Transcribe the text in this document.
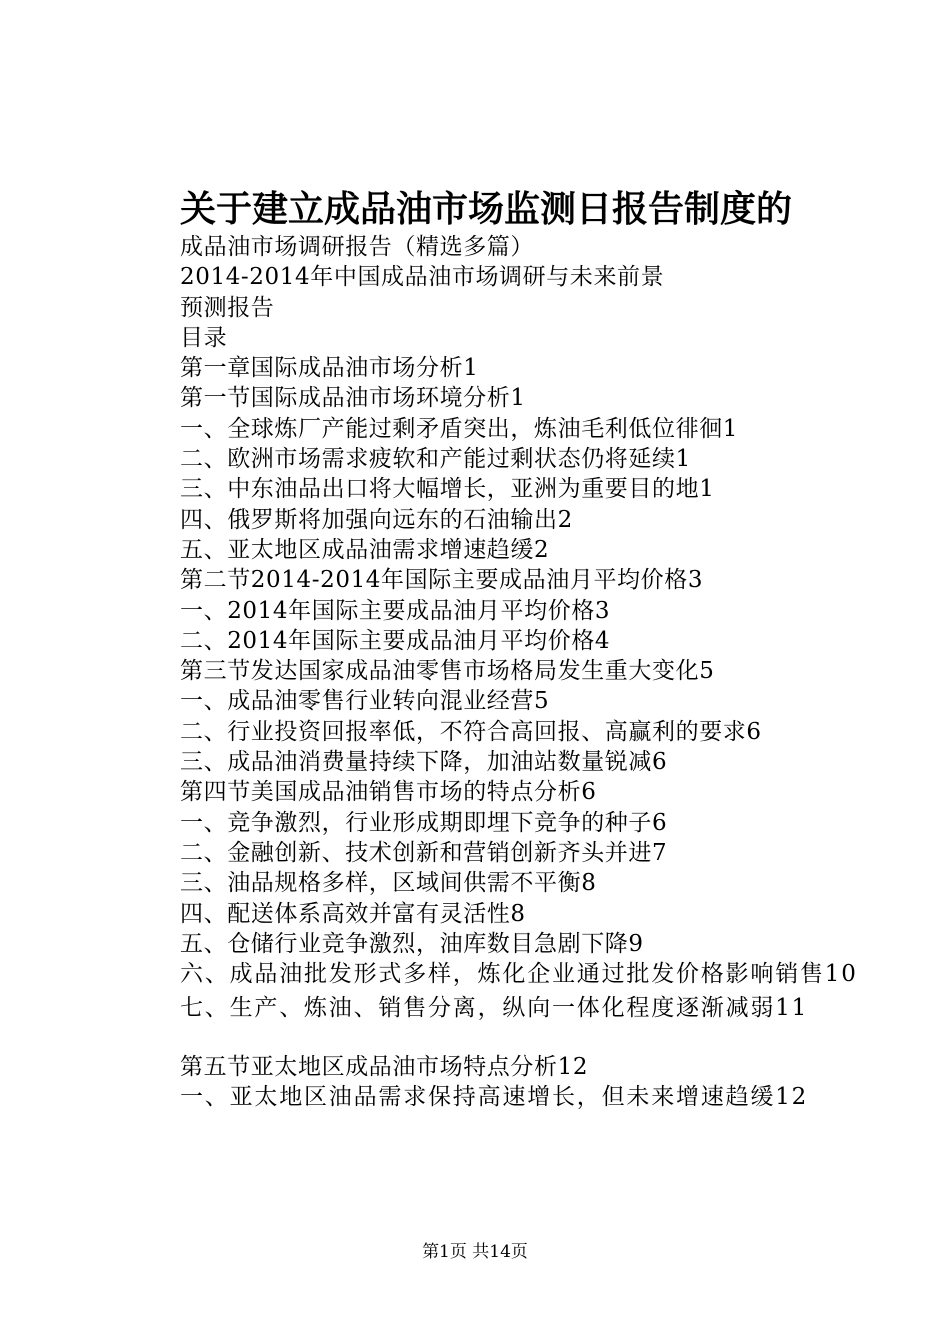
关于建立成品油市场监测日报告制度的
成品油市场调研报告（精选多篇）
2014-2014年中国成品油市场调研与未来前景
预测报告
目录
第一章国际成品油市场分析1
第一节国际成品油市场环境分析1
一、全球炼厂产能过剩矛盾突出，炼油毛利低位徘徊1
二、欧洲市场需求疲软和产能过剩状态仍将延续1
三、中东油品出口将大幅增长，亚洲为重要目的地1
四、俄罗斯将加强向远东的石油输出2
五、亚太地区成品油需求增速趋缓2
第二节2014-2014年国际主要成品油月平均价格3
一、2014年国际主要成品油月平均价格3
二、2014年国际主要成品油月平均价格4
第三节发达国家成品油零售市场格局发生重大变化5
一、成品油零售行业转向混业经营5
二、行业投资回报率低，不符合高回报、高赢利的要求6
三、成品油消费量持续下降，加油站数量锐减6
第四节美国成品油销售市场的特点分析6
一、竞争激烈，行业形成期即埋下竞争的种子6
二、金融创新、技术创新和营销创新齐头并进7
三、油品规格多样，区域间供需不平衡8
四、配送体系高效并富有灵活性8
五、仓储行业竞争激烈，油库数目急剧下降9
六、成品油批发形式多样，炼化企业通过批发价格影响销售10
七、生产、炼油、销售分离，纵向一体化程度逐渐减弱11
第五节亚太地区成品油市场特点分析12
一、亚太地区油品需求保持高速增长，但未来增速趋缓12
第1页 共14页
